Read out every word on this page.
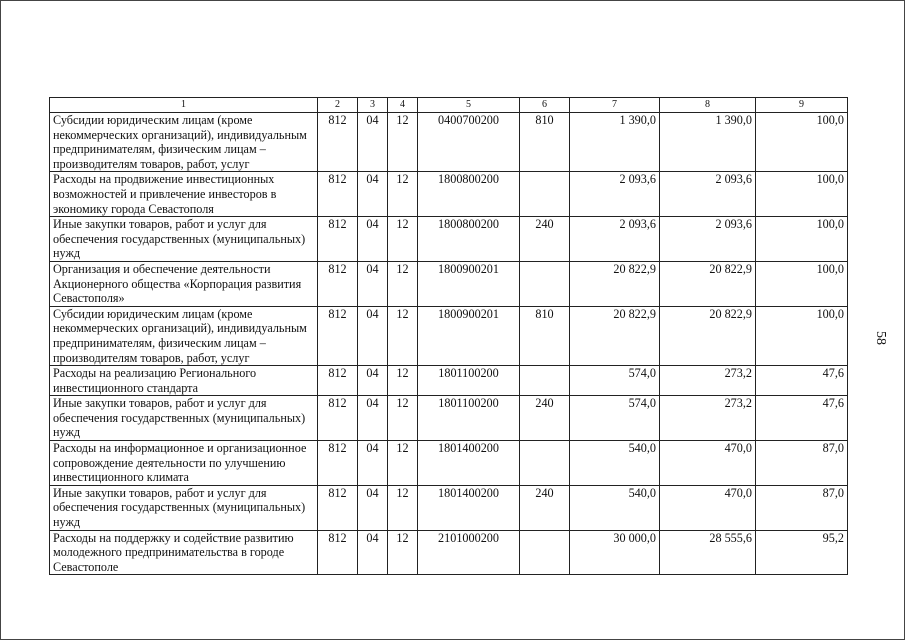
1	2	3	4	5	6	7	8	9
Субсидии юридическим лицам (кроме некоммерческих организаций), индивидуальным предпринимателям, физическим лицам – производителям товаров, работ, услуг	812	04	12	0400700200	810	1 390,0	1 390,0	100,0
Расходы на продвижение инвестиционных возможностей и привлечение инвесторов в экономику города Севастополя	812	04	12	1800800200		2 093,6	2 093,6	100,0
Иные закупки товаров, работ и услуг для обеспечения государственных (муниципальных) нужд	812	04	12	1800800200	240	2 093,6	2 093,6	100,0
Организация и обеспечение деятельности Акционерного общества «Корпорация развития Севастополя»	812	04	12	1800900201		20 822,9	20 822,9	100,0
Субсидии юридическим лицам (кроме некоммерческих организаций), индивидуальным предпринимателям, физическим лицам – производителям товаров, работ, услуг	812	04	12	1800900201	810	20 822,9	20 822,9	100,0
Расходы на реализацию Регионального инвестиционного стандарта	812	04	12	1801100200		574,0	273,2	47,6
Иные закупки товаров, работ и услуг для обеспечения государственных (муниципальных) нужд	812	04	12	1801100200	240	574,0	273,2	47,6
Расходы на информационное и организационное сопровождение деятельности по улучшению инвестиционного климата	812	04	12	1801400200		540,0	470,0	87,0
Иные закупки товаров, работ и услуг для обеспечения государственных (муниципальных) нужд	812	04	12	1801400200	240	540,0	470,0	87,0
Расходы на поддержку и содействие развитию молодежного предпринимательства в городе Севастополе	812	04	12	2101000200		30 000,0	28 555,6	95,2
58
